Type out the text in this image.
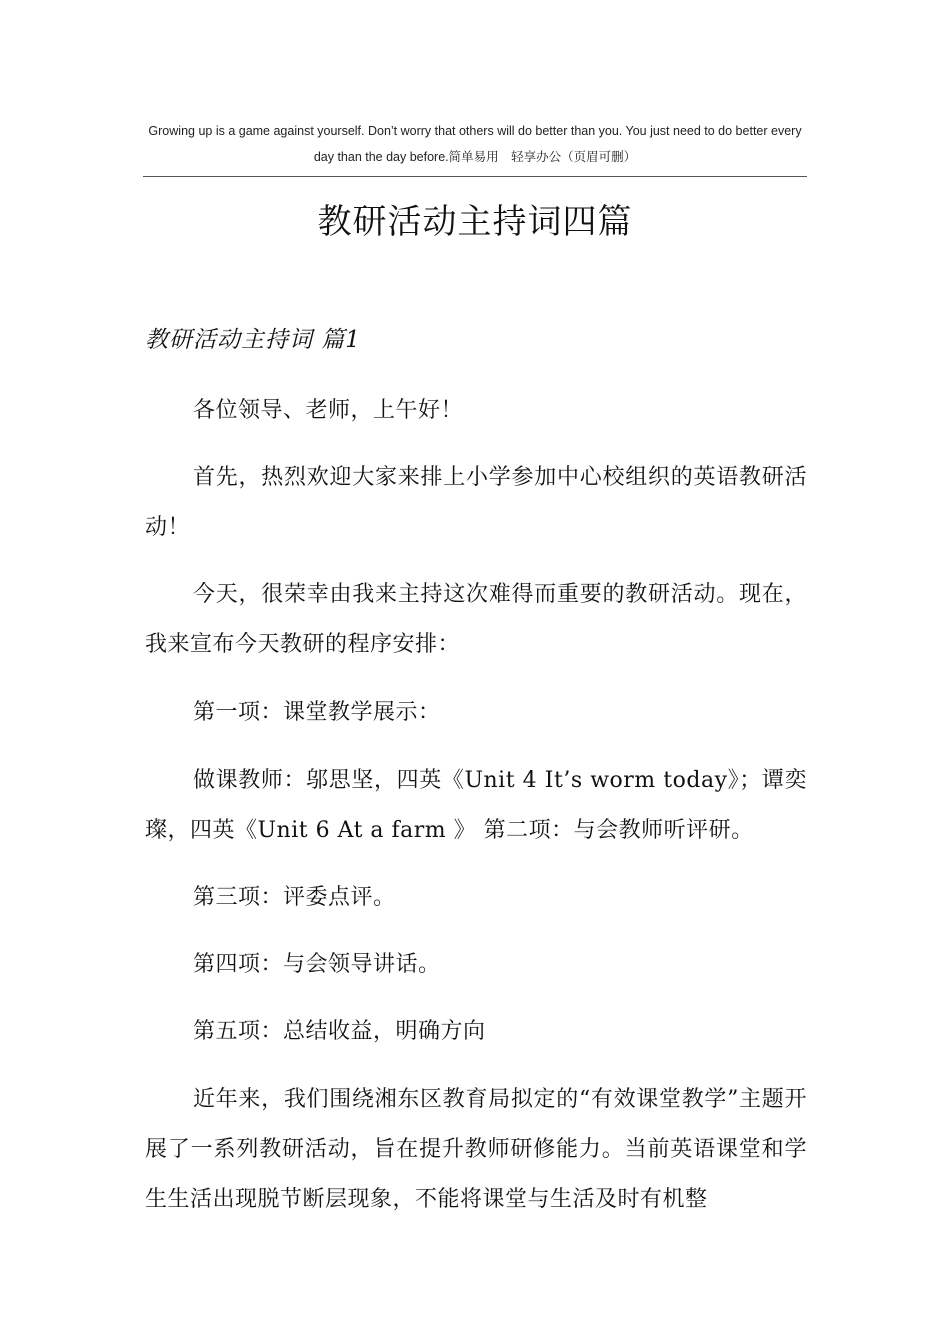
Growing up is a game against yourself. Don’t worry that others will do better than you. You just need to do better every day than the day before.简单易用　轻享办公（页眉可删）
教研活动主持词四篇
教研活动主持词 篇1

各位领导、老师，上午好！

首先，热烈欢迎大家来排上小学参加中心校组织的英语教研活动！

今天，很荣幸由我来主持这次难得而重要的教研活动。现在，我来宣布今天教研的程序安排：

第一项：课堂教学展示：

做课教师：邬思坚，四英《Unit 4 It’s worm today》；谭奕璨，四英《Unit 6 At a farm 》 第二项：与会教师听评研。

第三项：评委点评。

第四项：与会领导讲话。

第五项：总结收益，明确方向

近年来，我们围绕湘东区教育局拟定的“有效课堂教学”主题开展了一系列教研活动，旨在提升教师研修能力。当前英语课堂和学生生活出现脱节断层现象，不能将课堂与生活及时有机整
